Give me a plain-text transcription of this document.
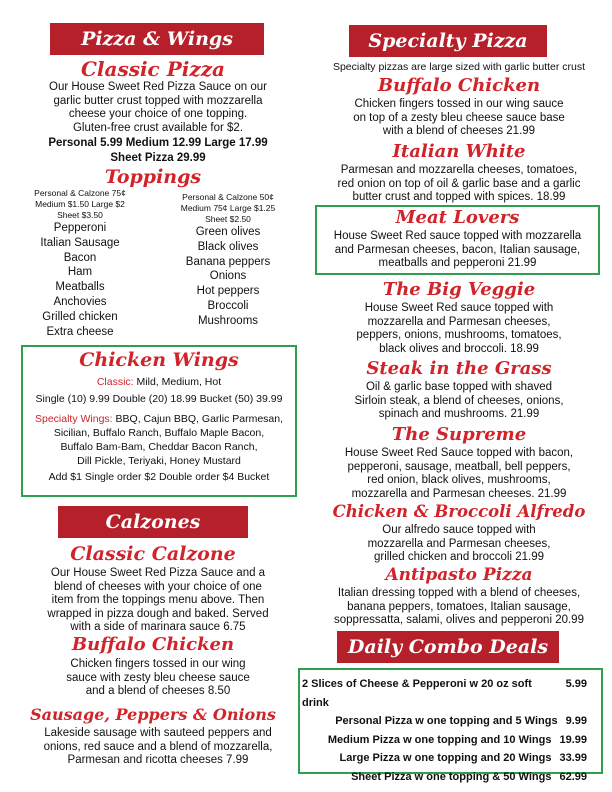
Pizza & Wings
Classic Pizza
Our House Sweet Red Pizza Sauce on our
garlic butter crust topped with mozzarella
cheese your choice of one topping.
Gluten-free crust available for $2.
Personal 5.99 Medium 12.99 Large 17.99
Sheet Pizza 29.99
Toppings
Personal & Calzone 75¢
Medium $1.50 Large $2
Sheet $3.50
Pepperoni
Italian Sausage
Bacon
Ham
Meatballs
Anchovies
Grilled chicken
Extra cheese
Personal & Calzone 50¢
Medium 75¢ Large $1.25
Sheet $2.50
Green olives
Black olives
Banana peppers
Onions
Hot peppers
Broccoli
Mushrooms
Chicken Wings
Classic: Mild, Medium, Hot
Single (10) 9.99 Double (20) 18.99 Bucket (50) 39.99
Specialty Wings: BBQ, Cajun BBQ, Garlic Parmesan,
Sicilian, Buffalo Ranch, Buffalo Maple Bacon,
Buffalo Bam-Bam, Cheddar Bacon Ranch,
Dill Pickle, Teriyaki, Honey Mustard
Add $1 Single order $2 Double order $4 Bucket
Calzones
Classic Calzone
Our House Sweet Red Pizza Sauce and a
blend of cheeses with your choice of one
item from the toppings menu above. Then
wrapped in pizza dough and baked. Served
with a side of marinara sauce 6.75
Buffalo Chicken
Chicken fingers tossed in our wing
sauce with zesty bleu cheese sauce
and a blend of cheeses 8.50
Sausage, Peppers & Onions
Lakeside sausage with sauteed peppers and
onions, red sauce and a blend of mozzarella,
Parmesan and ricotta cheeses 7.99
Specialty Pizza
Specialty pizzas are large sized with garlic butter crust
Buffalo Chicken
Chicken fingers tossed in our wing sauce
on top of a zesty bleu cheese sauce base
with a blend of cheeses 21.99
Italian White
Parmesan and mozzarella cheeses, tomatoes,
red onion on top of oil & garlic base and a garlic
butter crust and topped with spices. 18.99
Meat Lovers
House Sweet Red sauce topped with mozzarella
and Parmesan cheeses, bacon, Italian sausage,
meatballs and pepperoni 21.99
The Big Veggie
House Sweet Red sauce topped with
mozzarella and Parmesan cheeses,
peppers, onions, mushrooms, tomatoes,
black olives and broccoli. 18.99
Steak in the Grass
Oil & garlic base topped with shaved
Sirloin steak, a blend of cheeses, onions,
spinach and mushrooms. 21.99
The Supreme
House Sweet Red Sauce topped with bacon,
pepperoni, sausage, meatball, bell peppers,
red onion, black olives, mushrooms,
mozzarella and Parmesan cheeses. 21.99
Chicken & Broccoli Alfredo
Our alfredo sauce topped with
mozzarella and Parmesan cheeses,
grilled chicken and broccoli 21.99
Antipasto Pizza
Italian dressing topped with a blend of cheeses,
banana peppers, tomatoes, Italian sausage,
soppressatta, salami, olives and pepperoni 20.99
Daily Combo Deals
2 Slices of Cheese & Pepperoni w 20 oz soft drink
5.99
Personal Pizza w one topping and 5 Wings 9.99
Medium Pizza w one topping and 10 Wings 19.99
Large Pizza w one topping and 20 Wings 33.99
Sheet Pizza w one topping & 50 Wings 62.99
